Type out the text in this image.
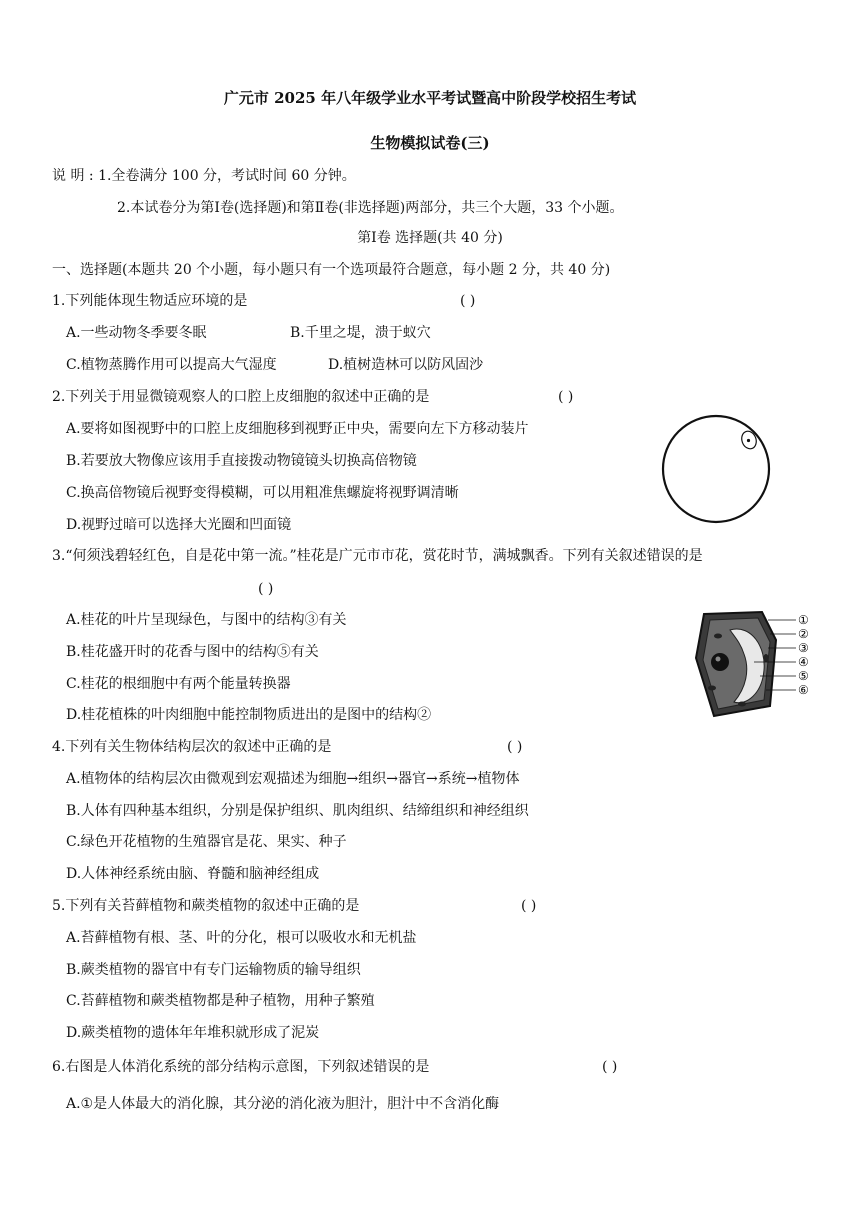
广元市 2025 年八年级学业水平考试暨高中阶段学校招生考试
生物模拟试卷(三)
说 明 : 1.全卷满分 100 分，考试时间 60 分钟。
2.本试卷分为第Ⅰ卷(选择题)和第Ⅱ卷(非选择题)两部分，共三个大题，33 个小题。
第Ⅰ卷 选择题(共 40 分)
一、选择题(本题共 20 个小题，每小题只有一个选项最符合题意，每小题 2 分，共 40 分)
1.下列能体现生物适应环境的是	( )
A.一些动物冬季要冬眠	B.千里之堤，溃于蚁穴
C.植物蒸腾作用可以提高大气湿度	D.植树造林可以防风固沙
2.下列关于用显微镜观察人的口腔上皮细胞的叙述中正确的是	( )
A.要将如图视野中的口腔上皮细胞移到视野正中央，需要向左下方移动装片
B.若要放大物像应该用手直接拨动物镜镜头切换高倍物镜
C.换高倍物镜后视野变得模糊，可以用粗准焦螺旋将视野调清晰
D.视野过暗可以选择大光圈和凹面镜
3.“何须浅碧轻红色，自是花中第一流。”桂花是广元市市花，赏花时节，满城飘香。下列有关叙述错误的是
( )
A.桂花的叶片呈现绿色，与图中的结构③有关
B.桂花盛开时的花香与图中的结构⑤有关
C.桂花的根细胞中有两个能量转换器
D.桂花植株的叶肉细胞中能控制物质进出的是图中的结构②
①
②
③
④
⑤
⑥
4.下列有关生物体结构层次的叙述中正确的是	( )
A.植物体的结构层次由微观到宏观描述为细胞→组织→器官→系统→植物体
B.人体有四种基本组织，分别是保护组织、肌肉组织、结缔组织和神经组织
C.绿色开花植物的生殖器官是花、果实、种子
D.人体神经系统由脑、脊髓和脑神经组成
5.下列有关苔藓植物和蕨类植物的叙述中正确的是	( )
A.苔藓植物有根、茎、叶的分化，根可以吸收水和无机盐
B.蕨类植物的器官中有专门运输物质的输导组织
C.苔藓植物和蕨类植物都是种子植物，用种子繁殖
D.蕨类植物的遗体年年堆积就形成了泥炭
6.右图是人体消化系统的部分结构示意图，下列叙述错误的是	( )
A.①是人体最大的消化腺，其分泌的消化液为胆汁，胆汁中不含消化酶
